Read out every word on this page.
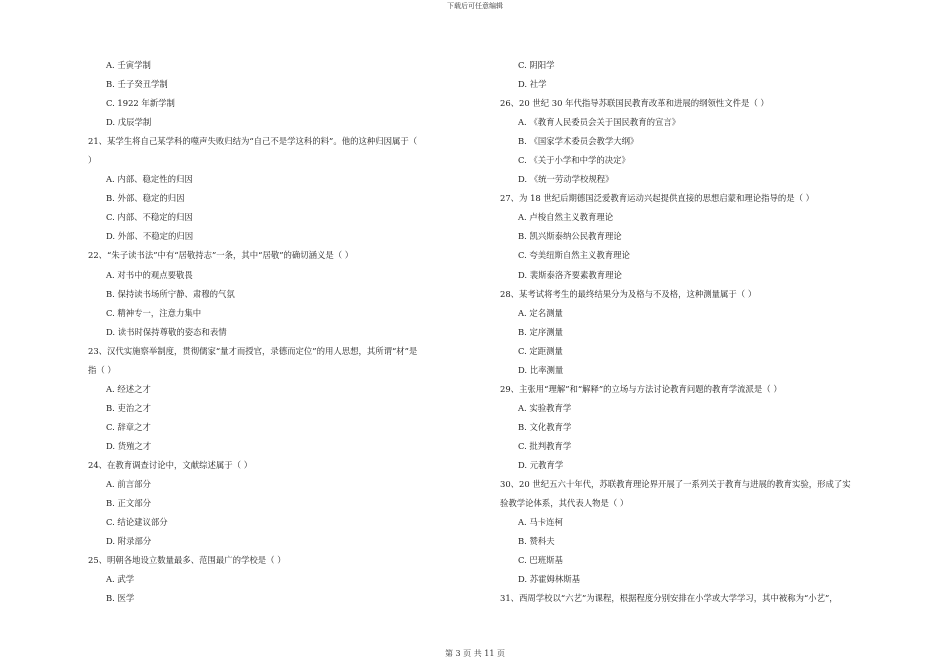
下载后可任意编辑
A. 壬寅学制
B. 壬子癸丑学制
C. 1922 年新学制
D. 戊辰学制
21、某学生将自己某学科的噬声失败归结为“自己不是学这科的料”。他的这种归因属于（
）
A. 内部、稳定性的归因
B. 外部、稳定的归因
C. 内部、不稳定的归因
D. 外部、不稳定的归因
22、“朱子读书法”中有“居敬持志”一条，其中“居敬”的确切涵义是（ ）
A. 对书中的观点要敬畏
B. 保持读书场所宁静、肃穆的气氛
C. 精神专一，注意力集中
D. 读书时保持尊敬的姿态和表情
23、汉代实施察举制度，贯彻儒家“量才而授官，录德而定位”的用人思想，其所谓“材”是
指（ ）
A. 经述之才
B. 吏治之才
C. 辞章之才
D. 货殖之才
24、在教育调查讨论中，文献综述属于（ ）
A. 前言部分
B. 正文部分
C. 结论建议部分
D. 附录部分
25、明朝各地设立数量最多、范围最广的学校是（ ）
A. 武学
B. 医学
C. 阴阳学
D. 社学
26、20 世纪 30 年代指导苏联国民教育改革和进展的纲领性文件是（ ）
A. 《教育人民委员会关于国民教育的宣言》
B. 《国家学术委员会教学大纲》
C. 《关于小学和中学的决定》
D. 《统一劳动学校规程》
27、为 18 世纪后期德国泛爱教育运动兴起提供直接的思想启蒙和理论指导的是（ ）
A. 卢梭自然主义教育理论
B. 凯兴斯泰纳公民教育理论
C. 夸美纽斯自然主义教育理论
D. 裴斯泰洛齐要素教育理论
28、某考试将考生的最终结果分为及格与不及格，这种测量属于（ ）
A. 定名测量
B. 定序测量
C. 定距测量
D. 比率测量
29、主张用“理解”和“解释”的立场与方法讨论教育问题的教育学流派是（ ）
A. 实验教育学
B. 文化教育学
C. 批判教育学
D. 元教育学
30、20 世纪五六十年代，苏联教育理论界开展了一系列关于教育与进展的教育实验，形成了实
验教学论体系，其代表人物是（ ）
A. 马卡连柯
B. 赞科夫
C. 巴班斯基
D. 苏霍姆林斯基
31、西周学校以“六艺”为课程，根据程度分别安排在小学或大学学习，其中被称为“小艺”，
第 3 页 共 11 页
